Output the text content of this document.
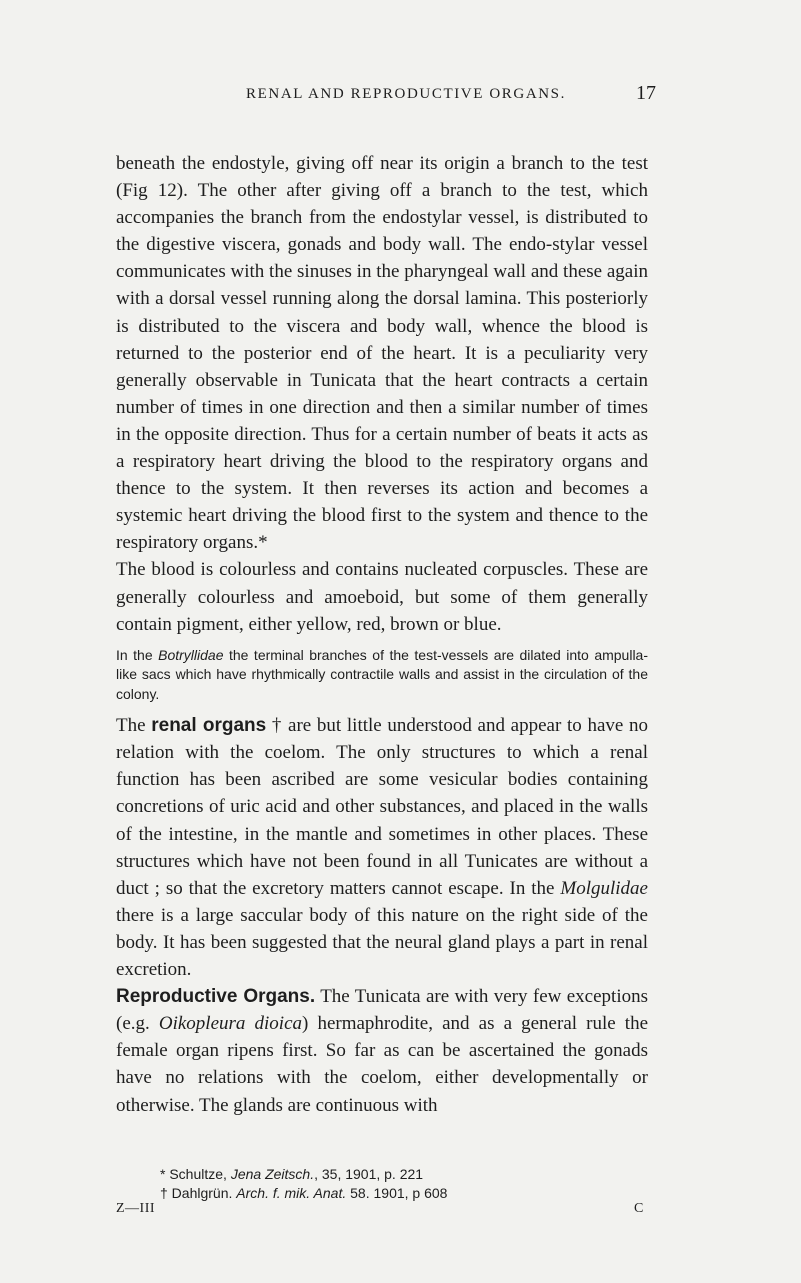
RENAL AND REPRODUCTIVE ORGANS.	17

beneath the endostyle, giving off near its origin a branch to the test (Fig 12). The other after giving off a branch to the test, which accompanies the branch from the endostylar vessel, is distributed to the digestive viscera, gonads and body wall. The endo-stylar vessel communicates with the sinuses in the pharyngeal wall and these again with a dorsal vessel running along the dorsal lamina. This posteriorly is distributed to the viscera and body wall, whence the blood is returned to the posterior end of the heart. It is a peculiarity very generally observable in Tunicata that the heart contracts a certain number of times in one direction and then a similar number of times in the opposite direction. Thus for a certain number of beats it acts as a respiratory heart driving the blood to the respiratory organs and thence to the system. It then reverses its action and becomes a systemic heart driving the blood first to the system and thence to the respiratory organs.*

The blood is colourless and contains nucleated corpuscles. These are generally colourless and amoeboid, but some of them generally contain pigment, either yellow, red, brown or blue.

In the Botryllidae the terminal branches of the test-vessels are dilated into ampulla-like sacs which have rhythmically contractile walls and assist in the circulation of the colony.

The renal organs † are but little understood and appear to have no relation with the coelom. The only structures to which a renal function has been ascribed are some vesicular bodies containing concretions of uric acid and other substances, and placed in the walls of the intestine, in the mantle and sometimes in other places. These structures which have not been found in all Tunicates are without a duct ; so that the excretory matters cannot escape. In the Molgulidae there is a large saccular body of this nature on the right side of the body. It has been suggested that the neural gland plays a part in renal excretion.

Reproductive Organs. The Tunicata are with very few exceptions (e.g. Oikopleura dioica) hermaphrodite, and as a general rule the female organ ripens first. So far as can be ascertained the gonads have no relations with the coelom, either developmentally or otherwise. The glands are continuous with

* Schultze, Jena Zeitsch., 35, 1901, p. 221
† Dahlgrün. Arch. f. mik. Anat. 58. 1901, p 608
Z—III	C
